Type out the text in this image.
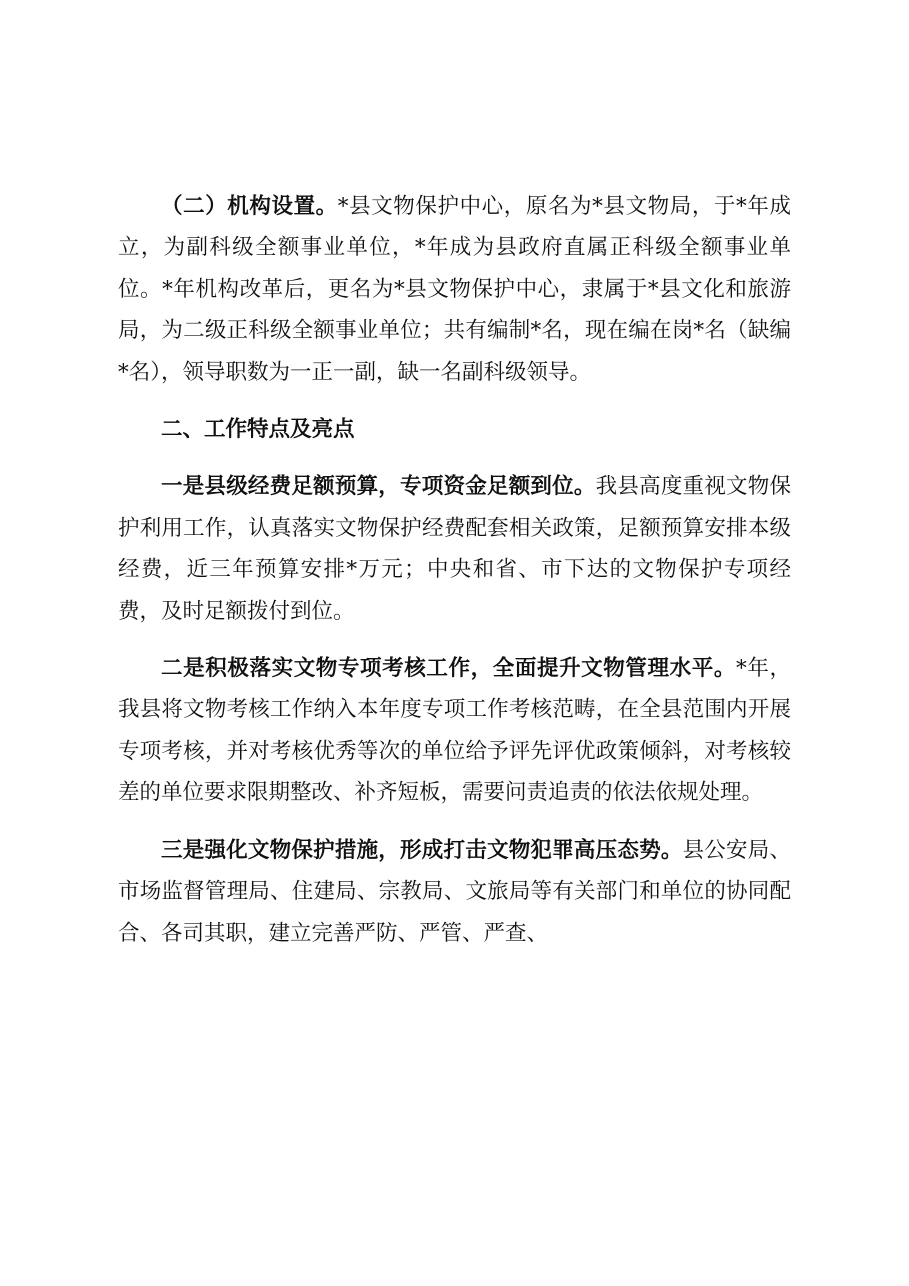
（二）机构设置。*县文物保护中心，原名为*县文物局，于*年成立，为副科级全额事业单位，*年成为县政府直属正科级全额事业单位。*年机构改革后，更名为*县文物保护中心，隶属于*县文化和旅游局，为二级正科级全额事业单位；共有编制*名，现在编在岗*名（缺编*名），领导职数为一正一副，缺一名副科级领导。

二、工作特点及亮点

一是县级经费足额预算，专项资金足额到位。我县高度重视文物保护利用工作，认真落实文物保护经费配套相关政策，足额预算安排本级经费，近三年预算安排*万元；中央和省、市下达的文物保护专项经费，及时足额拨付到位。

二是积极落实文物专项考核工作，全面提升文物管理水平。*年，我县将文物考核工作纳入本年度专项工作考核范畴，在全县范围内开展专项考核，并对考核优秀等次的单位给予评先评优政策倾斜，对考核较差的单位要求限期整改、补齐短板，需要问责追责的依法依规处理。

三是强化文物保护措施，形成打击文物犯罪高压态势。县公安局、市场监督管理局、住建局、宗教局、文旅局等有关部门和单位的协同配合、各司其职，建立完善严防、严管、严查、
